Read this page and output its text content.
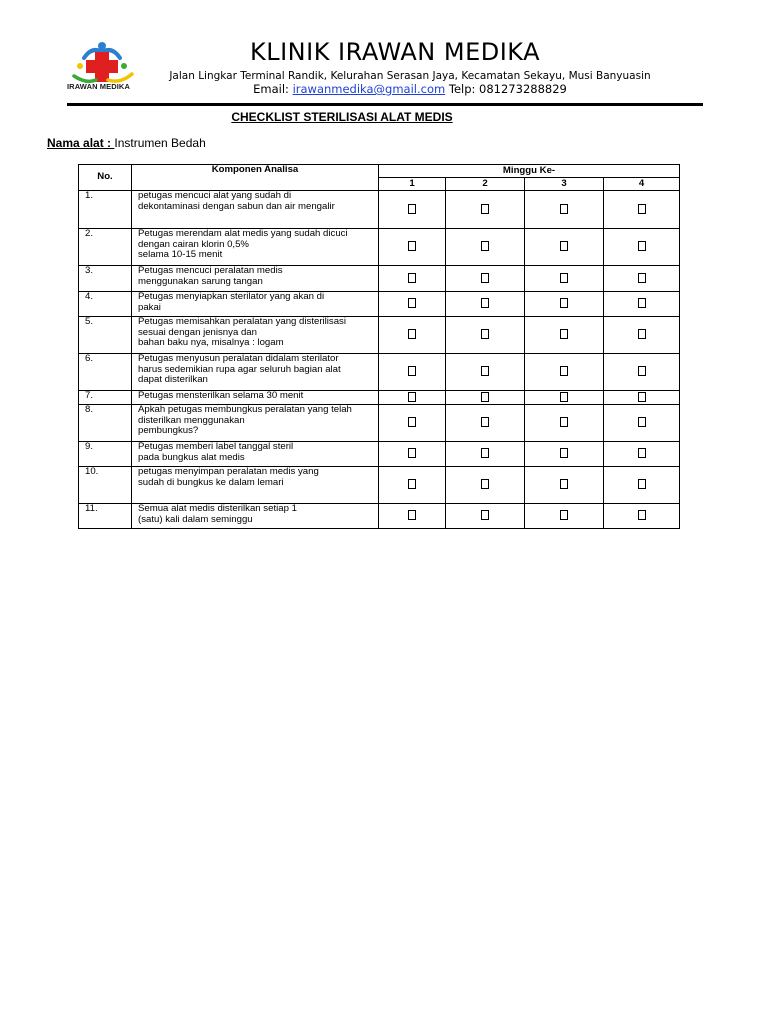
IRAWAN MEDIKA
KLINIK IRAWAN MEDIKA
Jalan Lingkar Terminal Randik, Kelurahan Serasan Jaya, Kecamatan Sekayu, Musi Banyuasin
Email: irawanmedika@gmail.com Telp: 081273288829
CHECKLIST STERILISASI ALAT MEDIS
Nama alat : Instrumen Bedah
No.	Komponen Analisa	Minggu Ke-			
		1	2	3	4
1.	petugas mencuci alat yang sudah di
dekontaminasi dengan sabun dan air mengalir				

2.	Petugas merendam alat medis yang sudah dicuci
dengan cairan klorin 0,5%
selama 10-15 menit				

3.	Petugas mencuci peralatan medis
menggunakan sarung tangan				

4.	Petugas menyiapkan sterilator yang akan di
pakai				

5.	Petugas memisahkan peralatan yang disterilisasi
sesuai dengan jenisnya dan
bahan baku nya, misalnya : logam				

6.	Petugas menyusun peralatan didalam sterilator
harus sedemikian rupa agar seluruh bagian alat
dapat disterilkan				

7.	Petugas mensterilkan selama 30 menit				

8.	Apkah petugas membungkus peralatan yang telah
disterilkan menggunakan
pembungkus?				

9.	Petugas memberi label tanggal steril
pada bungkus alat medis				

10.	petugas menyimpan peralatan medis yang
sudah di bungkus ke dalam lemari				

11.	Semua alat medis disterilkan setiap 1
(satu) kali dalam seminggu				
